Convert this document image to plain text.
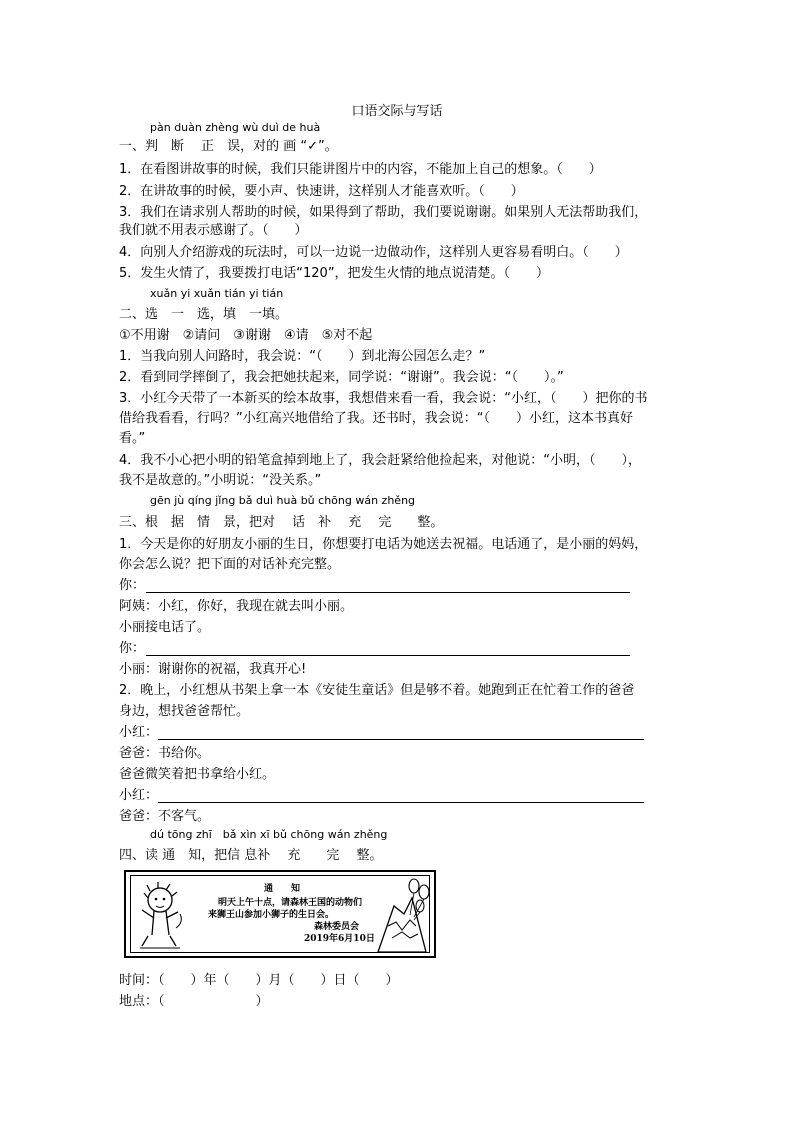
口语交际与写话
pàn duàn zhèng wù duì de huà
一、判　断　 正　误，对的 画 “✓”。
1．在看图讲故事的时候，我们只能讲图片中的内容，不能加上自己的想象。（　　）
2．在讲故事的时候，要小声、快速讲，这样别人才能喜欢听。（　　）
3．我们在请求别人帮助的时候，如果得到了帮助，我们要说谢谢。如果别人无法帮助我们，
我们就不用表示感谢了。（　　）
4．向别人介绍游戏的玩法时，可以一边说一边做动作，这样别人更容易看明白。（　　）
5．发生火情了，我要拨打电话“120”，把发生火情的地点说清楚。（　　）
xuǎn yi xuǎn tián yi tián
二、选　一　选，填　一填。
①不用谢　②请问　③谢谢　④请　⑤对不起
1．当我向别人问路时，我会说：“（　　）到北海公园怎么走？”
2．看到同学摔倒了，我会把她扶起来，同学说：“谢谢”。我会说：“（　　）。”
3．小红今天带了一本新买的绘本故事，我想借来看一看，我会说：“小红，（　　）把你的书
借给我看看，行吗？”小红高兴地借给了我。还书时，我会说：“（　　）小红，这本书真好
看。”
4．我不小心把小明的铅笔盒掉到地上了，我会赶紧给他捡起来，对他说：“小明，（　　），
我不是故意的。”小明说：“没关系。”
gēn jù qíng jǐng bǎ duì huà bǔ chōng wán zhěng
三、根　据　情　景，把对　 话　补　 充　 完　　整。
1．今天是你的好朋友小丽的生日，你想要打电话为她送去祝福。电话通了，是小丽的妈妈，
你会怎么说？把下面的对话补充完整。
你：
阿姨：小红，你好，我现在就去叫小丽。
小丽接电话了。
你：
小丽：谢谢你的祝福，我真开心!
2．晚上，小红想从书架上拿一本《安徒生童话》但是够不着。她跑到正在忙着工作的爸爸
身边，想找爸爸帮忙。
小红：
爸爸：书给你。
爸爸微笑着把书拿给小红。
小红：
爸爸：不客气。
dú tōng zhī　bǎ xìn xī bǔ chōng wán zhěng
四、读 通　知，把信 息补　 充　　完　 整。
通　　知
明天上午十点，请森林王国的动物们
来狮王山参加小狮子的生日会。
森林委员会
2019年6月10日
时间：（　　）年（　　）月（　　）日（　　）
地点：（　　　　　　　）
